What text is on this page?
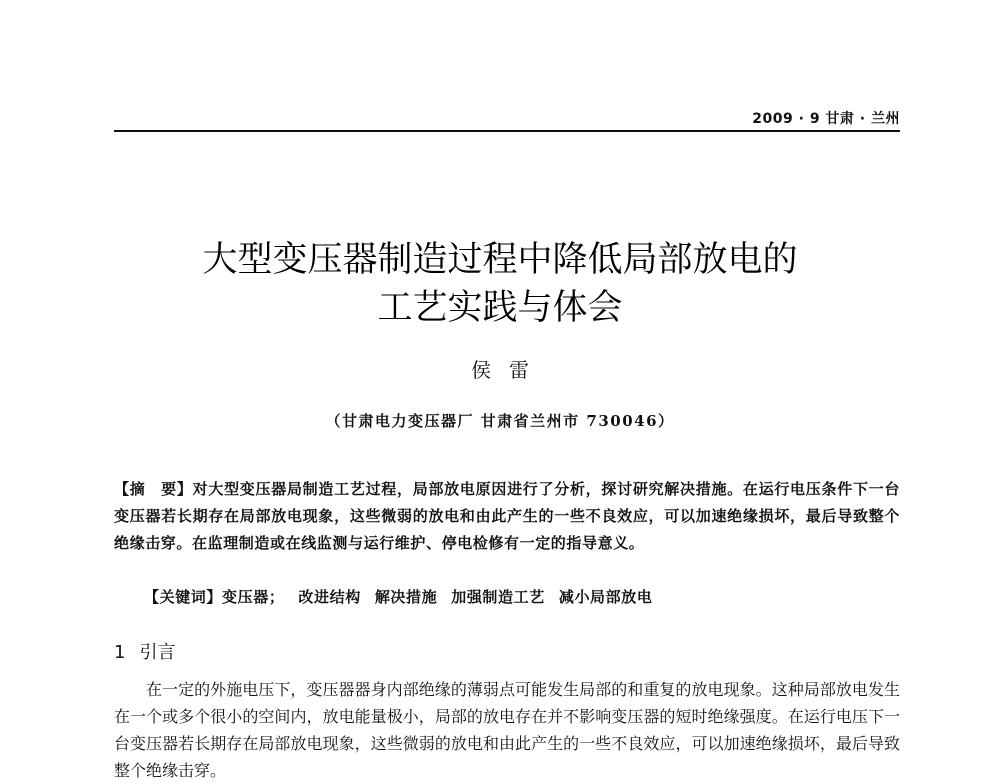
2009 · 9 甘肃 · 兰州
大型变压器制造过程中降低局部放电的
工艺实践与体会
侯雷
（甘肃电力变压器厂 甘肃省兰州市 730046）

【摘　要】对大型变压器局制造工艺过程，局部放电原因进行了分析，探讨研究解决措施。在运行电压条件下一台变压器若长期存在局部放电现象，这些微弱的放电和由此产生的一些不良效应，可以加速绝缘损坏，最后导致整个绝缘击穿。在监理制造或在线监测与运行维护、停电检修有一定的指导意义。

【关键词】变压器； 改进结构 解决措施 加强制造工艺 减小局部放电

1 引言

在一定的外施电压下，变压器器身内部绝缘的薄弱点可能发生局部的和重复的放电现象。这种局部放电发生在一个或多个很小的空间内，放电能量极小，局部的放电存在并不影响变压器的短时绝缘强度。在运行电压下一台变压器若长期存在局部放电现象，这些微弱的放电和由此产生的一些不良效应，可以加速绝缘损坏，最后导致整个绝缘击穿。
